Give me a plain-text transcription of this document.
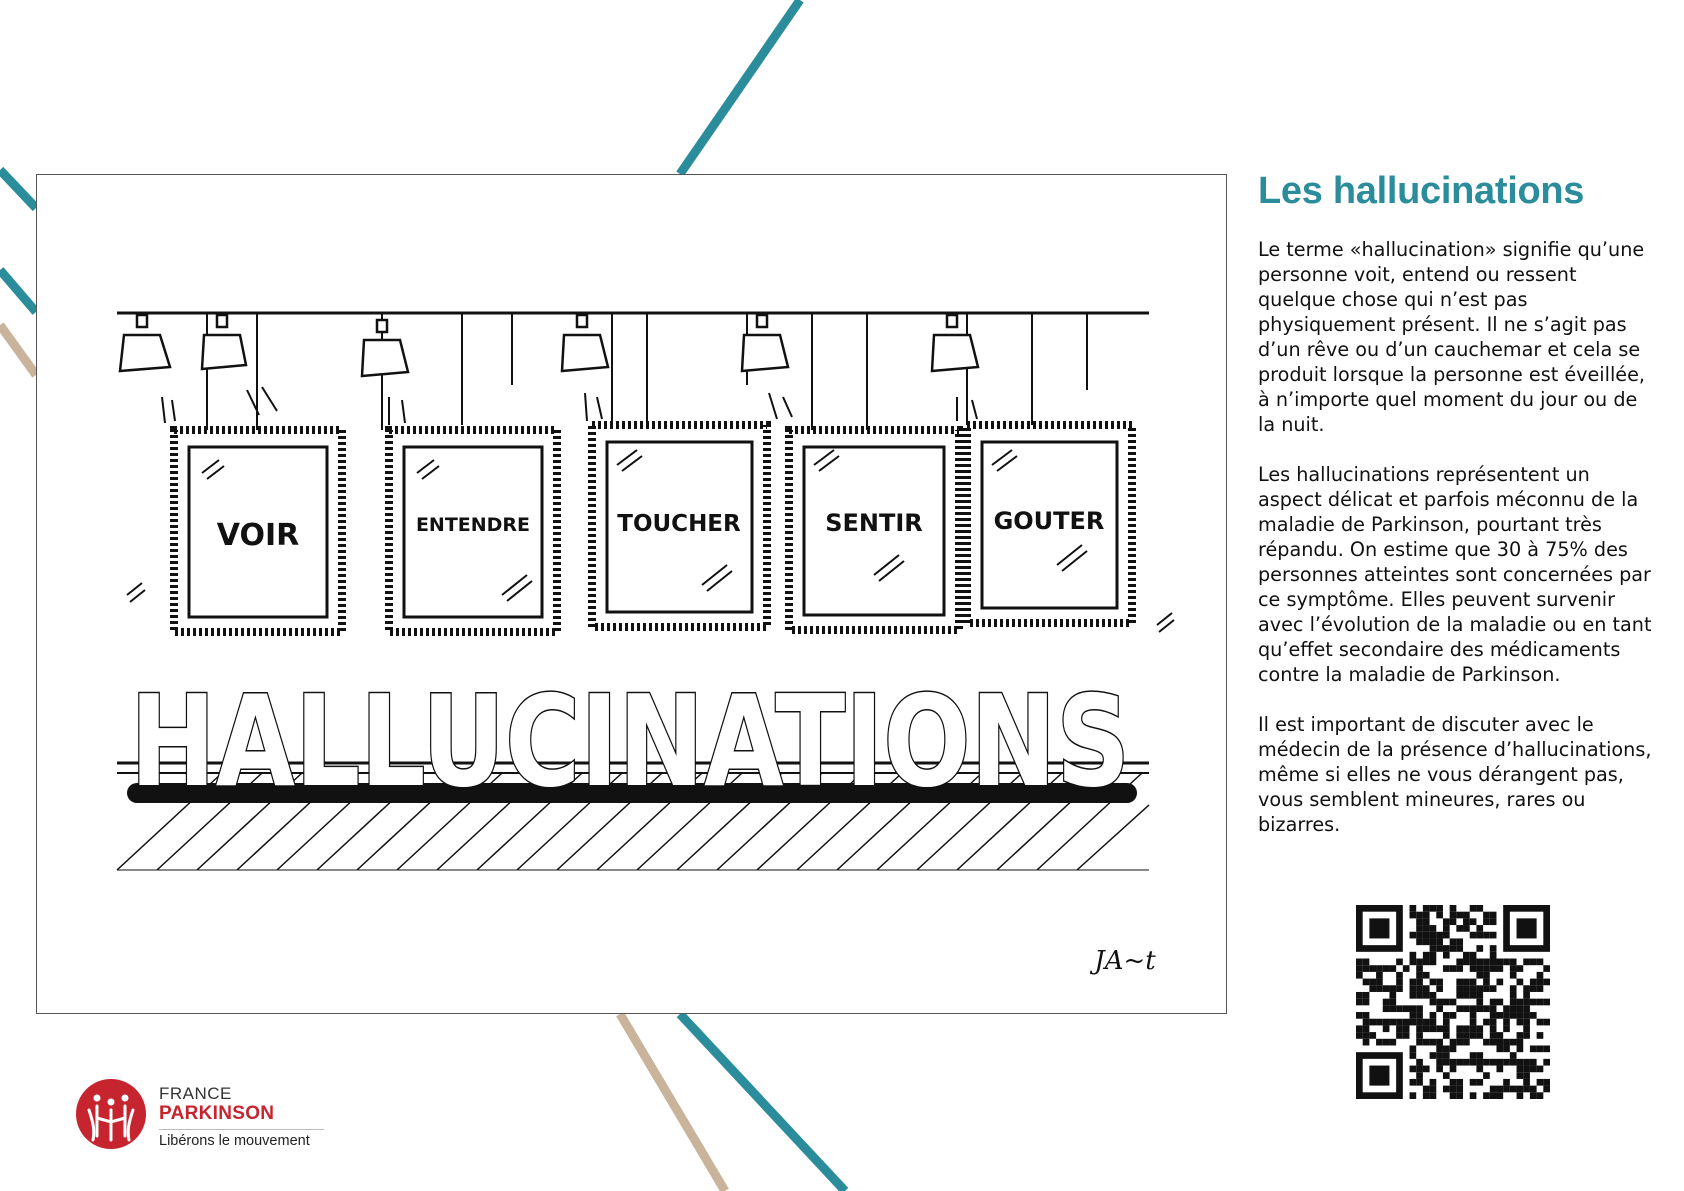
VOIR	ENTENDRE	TOUCHER	SENTIR	GOUTER
HALLUCINATIONS
JA~t
Les hallucinations

Le terme «hallucination» signifie qu’une personne voit, entend ou ressent quelque chose qui n’est pas physiquement présent. Il ne s’agit pas d’un rêve ou d’un cauchemar et cela se produit lorsque la personne est éveillée, à n’importe quel moment du jour ou de la nuit.

Les hallucinations représentent un aspect délicat et parfois méconnu de la maladie de Parkinson, pourtant très répandu. On estime que 30 à 75% des personnes atteintes sont concernées par ce symptôme. Elles peuvent survenir avec l’évolution de la maladie ou en tant qu’effet secondaire des médicaments contre la maladie de Parkinson.

Il est important de discuter avec le médecin de la présence d’hallucinations, même si elles ne vous dérangent pas, vous semblent mineures, rares ou bizarres.

FRANCE
PARKINSON
Libérons le mouvement
